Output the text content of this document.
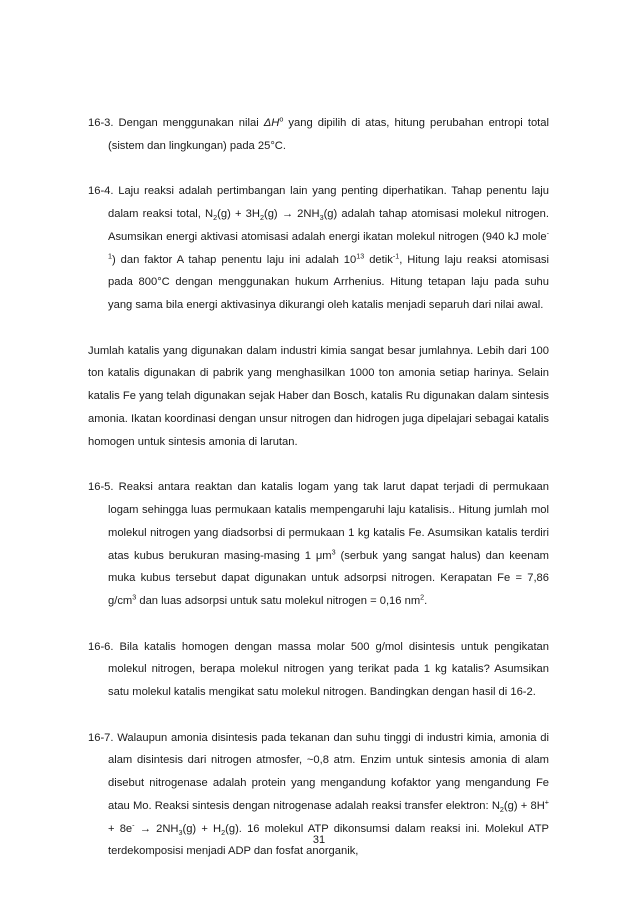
16-3. Dengan menggunakan nilai $\Delta H^o$ yang dipilih di atas, hitung perubahan entropi total (sistem dan lingkungan) pada 25°C.

16-4. Laju reaksi adalah pertimbangan lain yang penting diperhatikan. Tahap penentu laju dalam reaksi total, $N_2(g) + 3H_2(g) \to 2NH_3(g)$ adalah tahap atomisasi molekul nitrogen. Asumsikan energi aktivasi atomisasi adalah energi ikatan molekul nitrogen (940 kJ mole$^{-1}$) dan faktor A tahap penentu laju ini adalah $10^{13}$ detik$^{-1}$, Hitung laju reaksi atomisasi pada 800°C dengan menggunakan hukum Arrhenius. Hitung tetapan laju pada suhu yang sama bila energi aktivasinya dikurangi oleh katalis menjadi separuh dari nilai awal.

Jumlah katalis yang digunakan dalam industri kimia sangat besar jumlahnya. Lebih dari 100 ton katalis digunakan di pabrik yang menghasilkan 1000 ton amonia setiap harinya. Selain katalis Fe yang telah digunakan sejak Haber dan Bosch, katalis Ru digunakan dalam sintesis amonia. Ikatan koordinasi dengan unsur nitrogen dan hidrogen juga dipelajari sebagai katalis homogen untuk sintesis amonia di larutan.

16-5. Reaksi antara reaktan dan katalis logam yang tak larut dapat terjadi di permukaan logam sehingga luas permukaan katalis mempengaruhi laju katalisis.. Hitung jumlah mol molekul nitrogen yang diadsorbsi di permukaan 1 kg katalis Fe. Asumsikan katalis terdiri atas kubus berukuran masing-masing 1 $\mu m^3$ (serbuk yang sangat halus) dan keenam muka kubus tersebut dapat digunakan untuk adsorpsi nitrogen. Kerapatan Fe = 7,86 $g/cm^3$ dan luas adsorpsi untuk satu molekul nitrogen = 0,16 $nm^2$.

16-6. Bila katalis homogen dengan massa molar 500 g/mol disintesis untuk pengikatan molekul nitrogen, berapa molekul nitrogen yang terikat pada 1 kg katalis? Asumsikan satu molekul katalis mengikat satu molekul nitrogen. Bandingkan dengan hasil di 16-2.

16-7. Walaupun amonia disintesis pada tekanan dan suhu tinggi di industri kimia, amonia di alam disintesis dari nitrogen atmosfer, ~0,8 atm. Enzim untuk sintesis amonia di alam disebut nitrogenase adalah protein yang mengandung kofaktor yang mengandung Fe atau Mo. Reaksi sintesis dengan nitrogenase adalah reaksi transfer elektron: $N_2(g) + 8H^+ + 8e^- \to 2NH_3(g) + H_2(g)$. 16 molekul ATP dikonsumsi dalam reaksi ini. Molekul ATP terdekomposisi menjadi ADP dan fosfat anorganik,

31
